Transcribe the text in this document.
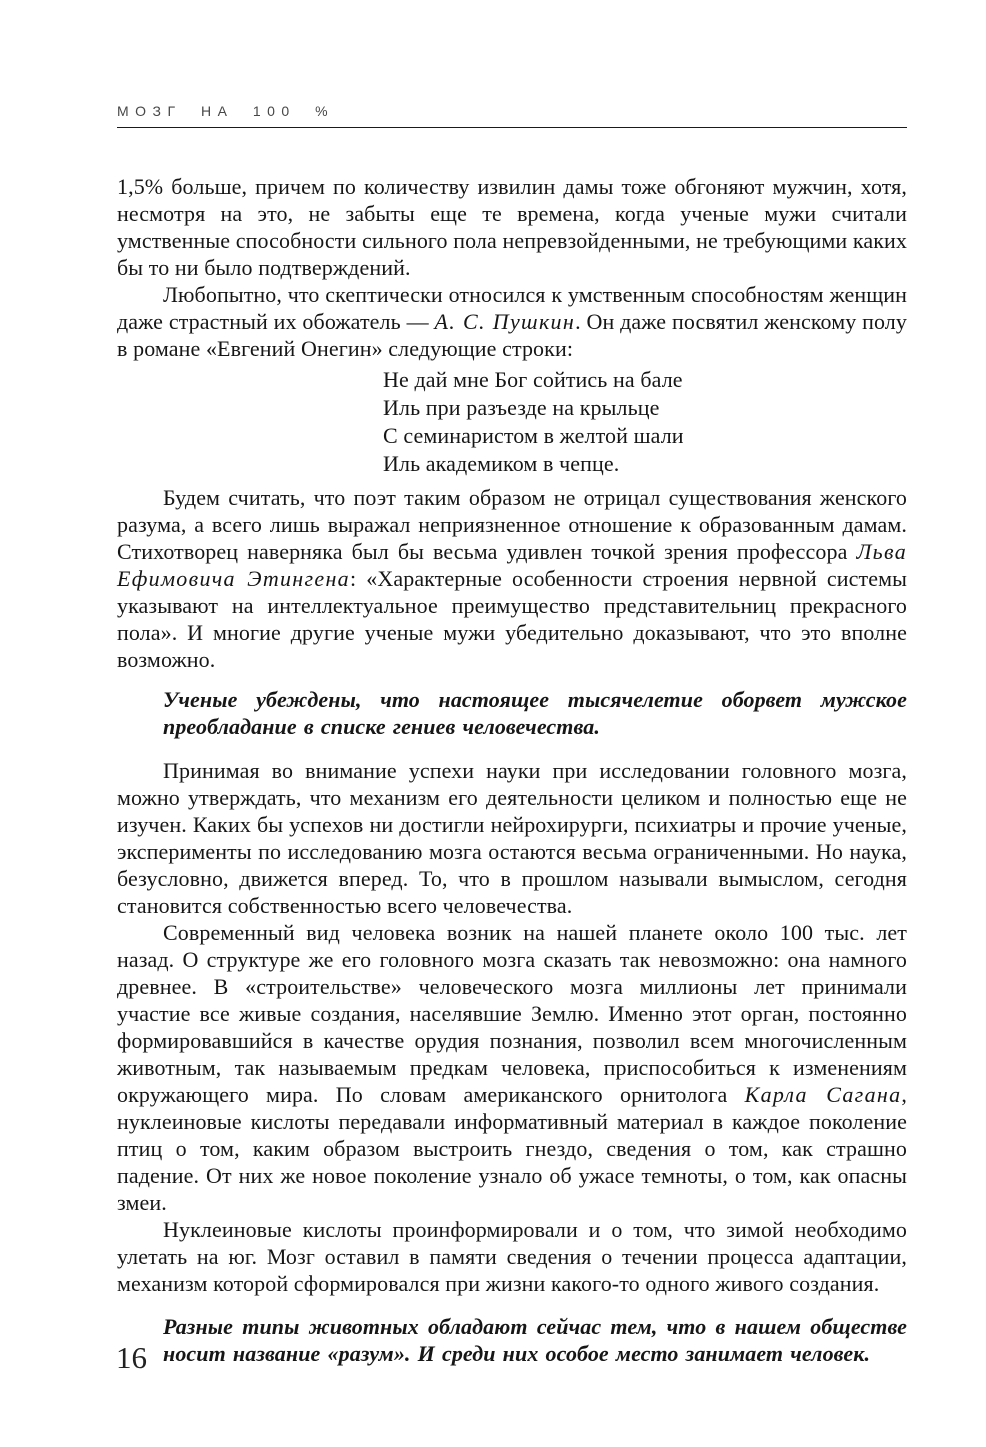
МОЗГ НА 100 %

1,5% больше, причем по количеству извилин дамы тоже обгоняют мужчин, хотя, несмотря на это, не забыты еще те времена, когда ученые мужи считали умственные способности сильного пола непревзойденными, не требующими каких бы то ни было подтверждений.

Любопытно, что скептически относился к умственным способностям женщин даже страстный их обожатель — А. С. Пушкин. Он даже посвятил женскому полу в романе «Евгений Онегин» следующие строки:

Не дай мне Бог сойтись на бале
Иль при разъезде на крыльце
С семинаристом в желтой шали
Иль академиком в чепце.

Будем считать, что поэт таким образом не отрицал существования женского разума, а всего лишь выражал неприязненное отношение к образованным дамам. Стихотворец наверняка был бы весьма удивлен точкой зрения профессора Льва Ефимовича Этингена: «Характерные особенности строения нервной системы указывают на интеллектуальное преимущество представительниц прекрасного пола». И многие другие ученые мужи убедительно доказывают, что это вполне возможно.

Ученые убеждены, что настоящее тысячелетие оборвет мужское преобладание в списке гениев человечества.

Принимая во внимание успехи науки при исследовании головного мозга, можно утверждать, что механизм его деятельности целиком и полностью еще не изучен. Каких бы успехов ни достигли нейрохирурги, психиатры и прочие ученые, эксперименты по исследованию мозга остаются весьма ограниченными. Но наука, безусловно, движется вперед. То, что в прошлом называли вымыслом, сегодня становится собственностью всего человечества.

Современный вид человека возник на нашей планете около 100 тыс. лет назад. О структуре же его головного мозга сказать так невозможно: она намного древнее. В «строительстве» человеческого мозга миллионы лет принимали участие все живые создания, населявшие Землю. Именно этот орган, постоянно формировавшийся в качестве орудия познания, позволил всем многочисленным животным, так называемым предкам человека, приспособиться к изменениям окружающего мира. По словам американского орнитолога Карла Сагана, нуклеиновые кислоты передавали информативный материал в каждое поколение птиц о том, каким образом выстроить гнездо, сведения о том, как страшно падение. От них же новое поколение узнало об ужасе темноты, о том, как опасны змеи.

Нуклеиновые кислоты проинформировали и о том, что зимой необходимо улетать на юг. Мозг оставил в памяти сведения о течении процесса адаптации, механизм которой сформировался при жизни какого-то одного живого создания.

Разные типы животных обладают сейчас тем, что в нашем обществе носит название «разум». И среди них особое место занимает человек.

16
